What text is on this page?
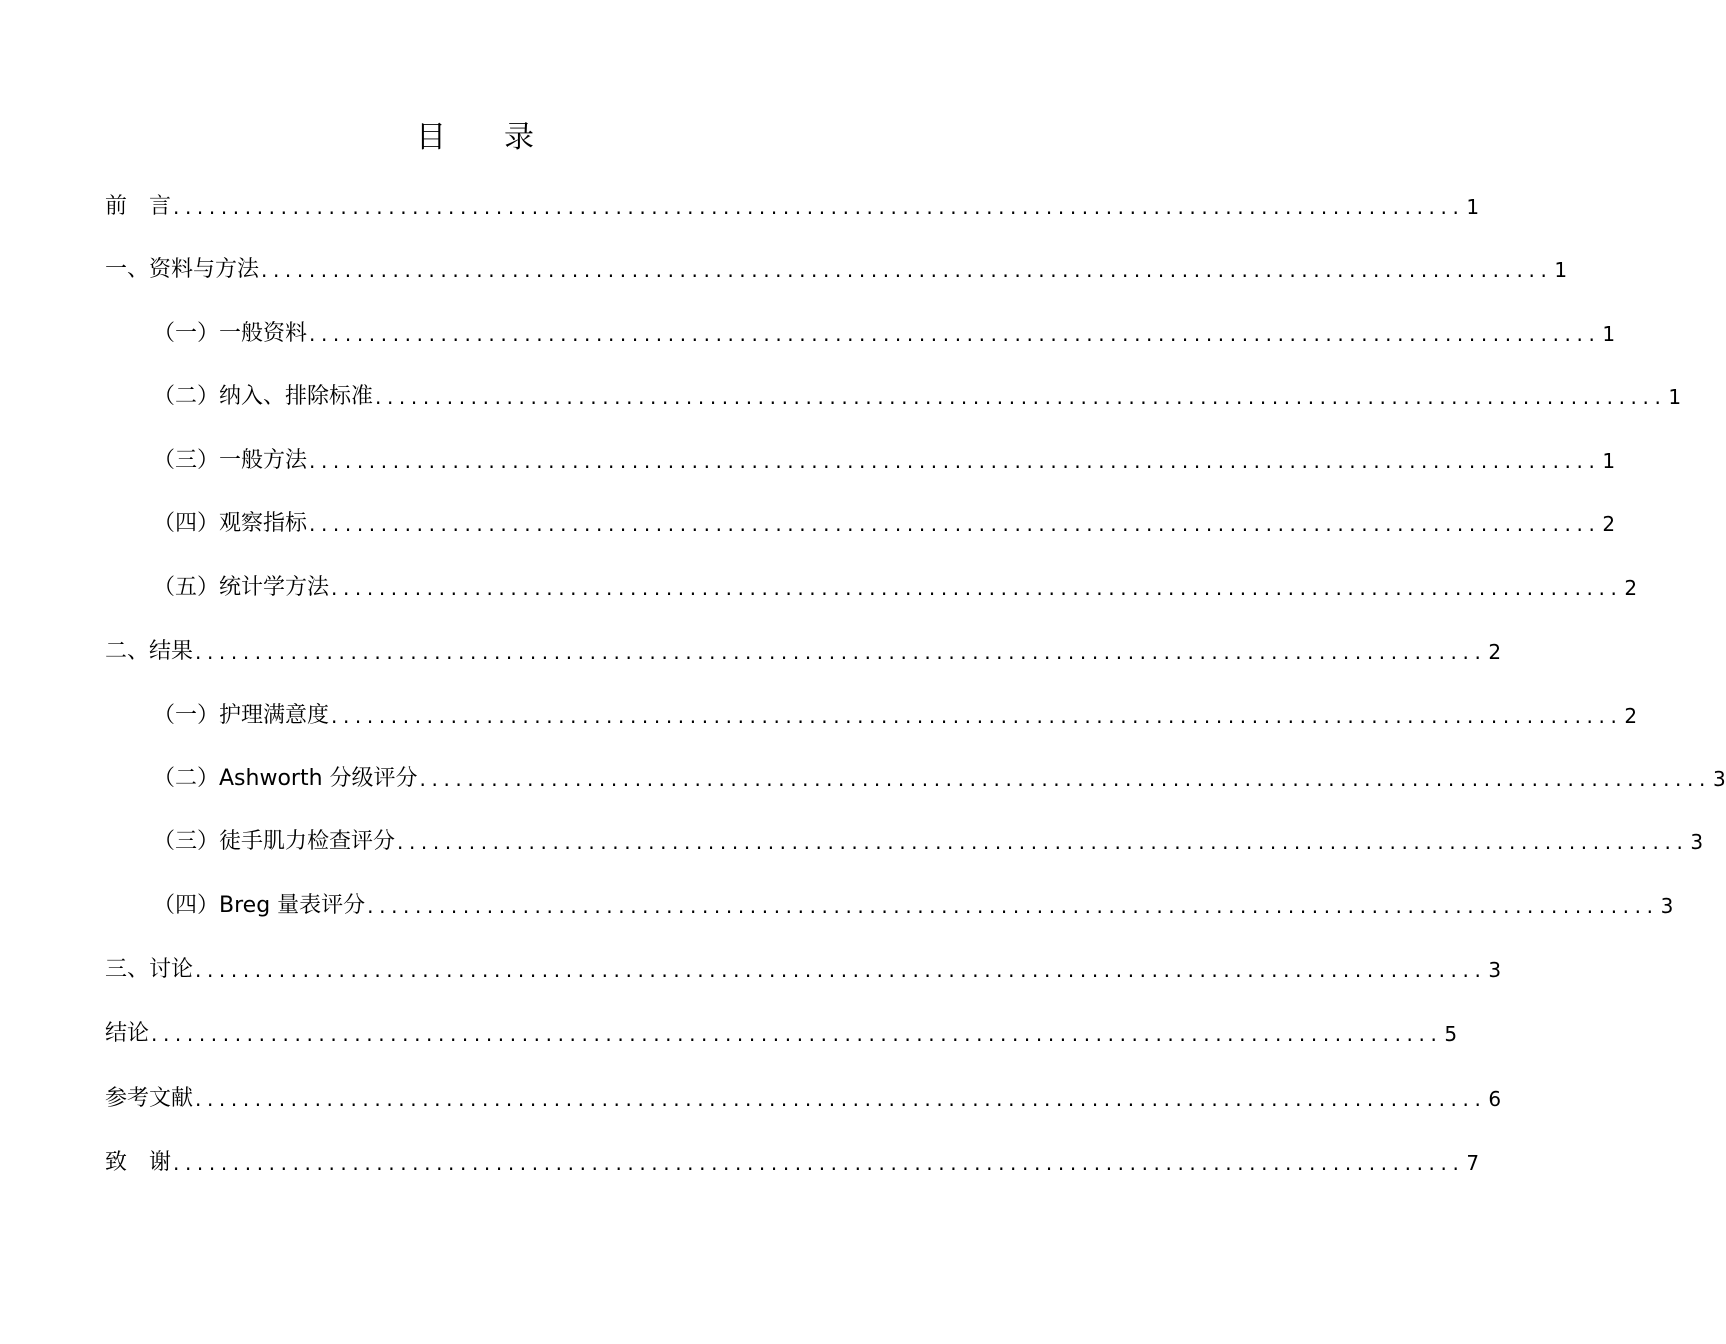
目 录
前　言 ............................................................................................................ 1
一、资料与方法 ............................................................................................................ 1
（一）一般资料 ............................................................................................................ 1
（二）纳入、排除标准 ............................................................................................................ 1
（三）一般方法 ............................................................................................................ 1
（四）观察指标 ............................................................................................................ 2
（五）统计学方法 ............................................................................................................ 2
二、结果 ............................................................................................................ 2
（一）护理满意度 ............................................................................................................ 2
（二）Ashworth 分级评分 ............................................................................................................ 3
（三）徒手肌力检查评分 ............................................................................................................ 3
（四）Breg 量表评分 ............................................................................................................ 3
三、讨论 ............................................................................................................ 3
结论 ............................................................................................................ 5
参考文献 ............................................................................................................ 6
致　谢 ............................................................................................................ 7
